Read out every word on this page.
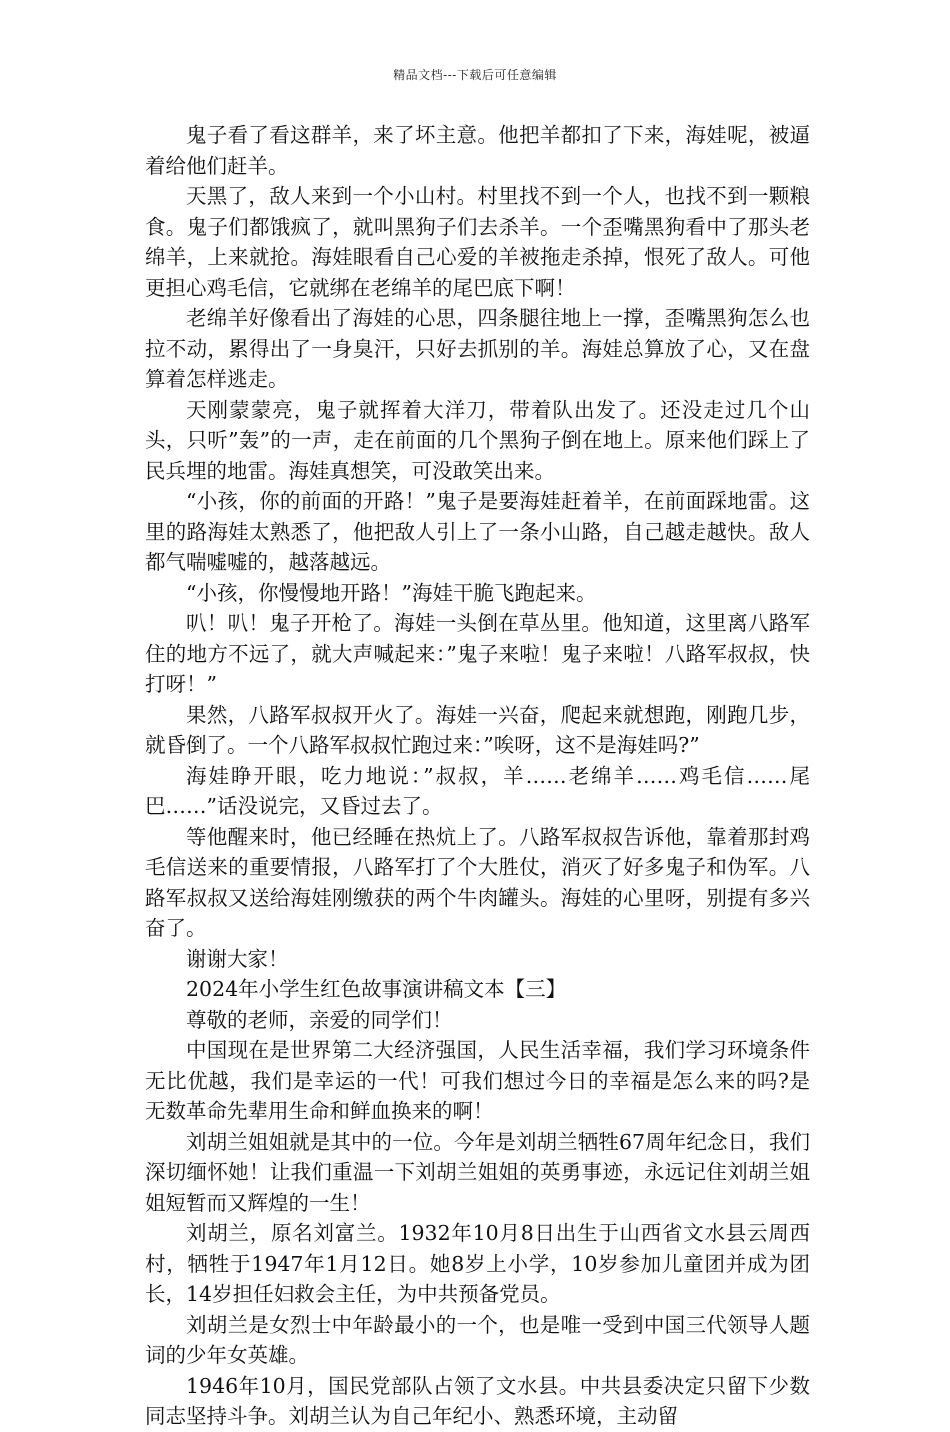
精品文档---下载后可任意编辑

鬼子看了看这群羊，来了坏主意。他把羊都扣了下来，海娃呢，被逼着给他们赶羊。

天黑了，敌人来到一个小山村。村里找不到一个人，也找不到一颗粮食。鬼子们都饿疯了，就叫黑狗子们去杀羊。一个歪嘴黑狗看中了那头老绵羊，上来就抢。海娃眼看自己心爱的羊被拖走杀掉，恨死了敌人。可他更担心鸡毛信，它就绑在老绵羊的尾巴底下啊！

老绵羊好像看出了海娃的心思，四条腿往地上一撑，歪嘴黑狗怎么也拉不动，累得出了一身臭汗，只好去抓别的羊。海娃总算放了心，又在盘算着怎样逃走。

天刚蒙蒙亮，鬼子就挥着大洋刀，带着队出发了。还没走过几个山头，只听”轰”的一声，走在前面的几个黑狗子倒在地上。原来他们踩上了民兵埋的地雷。海娃真想笑，可没敢笑出来。

“小孩，你的前面的开路！”鬼子是要海娃赶着羊，在前面踩地雷。这里的路海娃太熟悉了，他把敌人引上了一条小山路，自己越走越快。敌人都气喘嘘嘘的，越落越远。

“小孩，你慢慢地开路！”海娃干脆飞跑起来。

叭！叭！鬼子开枪了。海娃一头倒在草丛里。他知道，这里离八路军住的地方不远了，就大声喊起来：”鬼子来啦！鬼子来啦！八路军叔叔，快打呀！”

果然，八路军叔叔开火了。海娃一兴奋，爬起来就想跑，刚跑几步，就昏倒了。一个八路军叔叔忙跑过来：”唉呀，这不是海娃吗?”

海娃睁开眼，吃力地说：”叔叔，羊……老绵羊……鸡毛信……尾巴……”话没说完，又昏过去了。

等他醒来时，他已经睡在热炕上了。八路军叔叔告诉他，靠着那封鸡毛信送来的重要情报，八路军打了个大胜仗，消灭了好多鬼子和伪军。八路军叔叔又送给海娃刚缴获的两个牛肉罐头。海娃的心里呀，别提有多兴奋了。

谢谢大家！

2024年小学生红色故事演讲稿文本【三】

尊敬的老师，亲爱的同学们！

中国现在是世界第二大经济强国，人民生活幸福，我们学习环境条件无比优越，我们是幸运的一代！可我们想过今日的幸福是怎么来的吗?是无数革命先辈用生命和鲜血换来的啊！

刘胡兰姐姐就是其中的一位。今年是刘胡兰牺牲67周年纪念日，我们深切缅怀她！让我们重温一下刘胡兰姐姐的英勇事迹，永远记住刘胡兰姐姐短暂而又辉煌的一生！

刘胡兰，原名刘富兰。1932年10月8日出生于山西省文水县云周西村，牺牲于1947年1月12日。她8岁上小学，10岁参加儿童团并成为团长，14岁担任妇救会主任，为中共预备党员。

刘胡兰是女烈士中年龄最小的一个，也是唯一受到中国三代领导人题词的少年女英雄。

1946年10月，国民党部队占领了文水县。中共县委决定只留下少数同志坚持斗争。刘胡兰认为自己年纪小、熟悉环境，主动留
